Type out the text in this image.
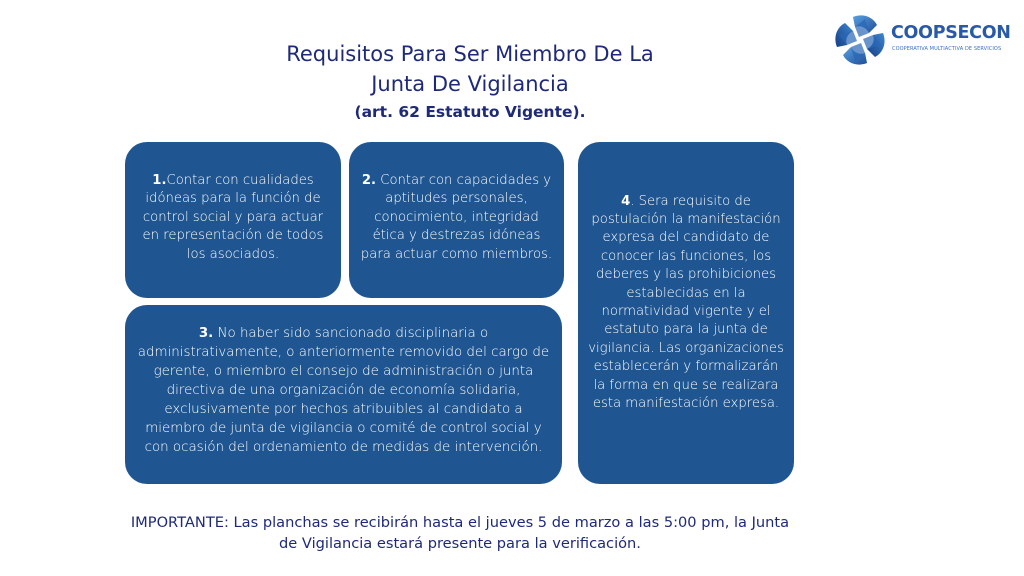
COOPSECON
COOPERATIVA MULTIACTIVA DE SERVICIOS
Requisitos Para Ser Miembro De La
Junta De Vigilancia
(art. 62 Estatuto Vigente).
1.Contar con cualidades idóneas para la función de control social y para actuar en representación de todos los asociados.
2. Contar con capacidades y aptitudes personales, conocimiento, integridad ética y destrezas idóneas para actuar como miembros.
3. No haber sido sancionado disciplinaria o administrativamente, o anteriormente removido del cargo de gerente, o miembro el consejo de administración o junta directiva de una organización de economía solidaria, exclusivamente por hechos atribuibles al candidato a miembro de junta de vigilancia o comité de control social y con ocasión del ordenamiento de medidas de intervención.
4. Sera requisito de postulación la manifestación expresa del candidato de conocer las funciones, los deberes y las prohibiciones establecidas en la normatividad vigente y el estatuto para la junta de vigilancia. Las organizaciones establecerán y formalizarán la forma en que se realizara esta manifestación expresa.
IMPORTANTE: Las planchas se recibirán hasta el jueves 5 de marzo a las 5:00 pm, la Junta de Vigilancia estará presente para la verificación.
